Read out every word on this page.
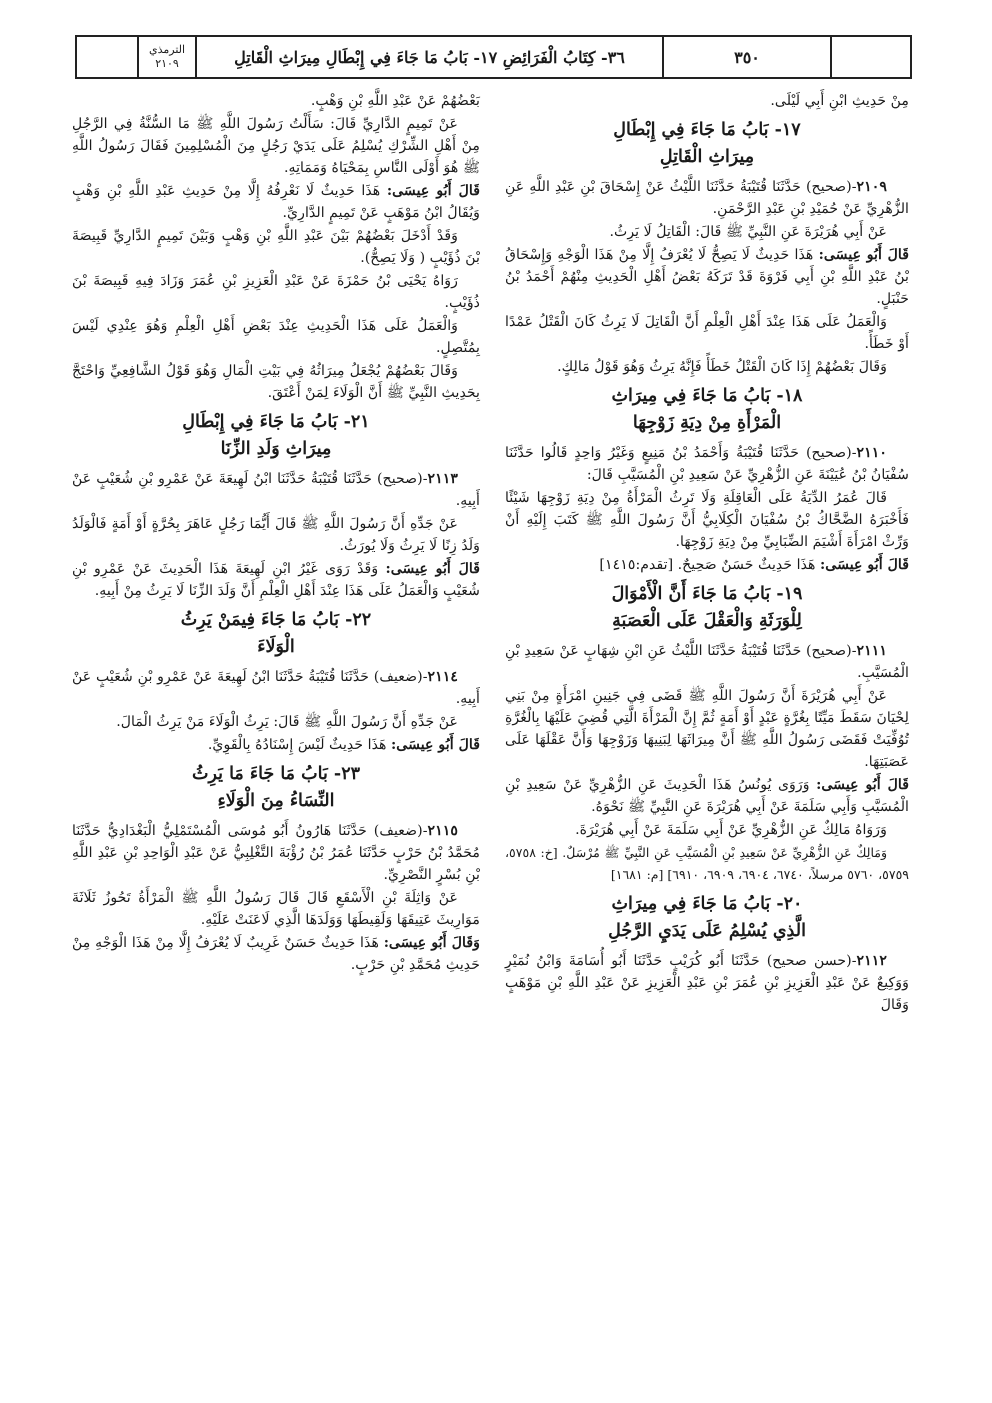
٣٥٠
٣٦- كِتَابُ الْفَرَائِضِ ١٧- بَابُ مَا جَاءَ فِي إِبْطَالِ مِيرَاثِ الْقَاتِلِ
الترمذي
٢١٠٩

مِنْ حَدِيثِ ابْنِ أَبِي لَيْلَى.

١٧- بَابُ مَا جَاءَ فِي إِبْطَالِ
مِيرَاثِ الْقَاتِلِ

٢١٠٩-(صحيح) حَدَّثَنَا قُتَيْبَةُ حَدَّثَنَا اللَّيْثُ عَنْ إِسْحَاقَ بْنِ عَبْدِ اللَّهِ عَنِ الزُّهْرِيِّ عَنْ حُمَيْدِ بْنِ عَبْدِ الرَّحْمَنِ.

عَنْ أَبِي هُرَيْرَةَ عَنِ النَّبِيِّ ﷺ قَالَ: الْقَاتِلُ لَا يَرِثُ.

قَالَ أَبُو عِيسَى: هَذَا حَدِيثٌ لَا يَصِحُّ لَا يُعْرَفُ إِلَّا مِنْ هَذَا الْوَجْهِ وَإِسْحَاقُ بْنُ عَبْدِ اللَّهِ بْنِ أَبِي فَرْوَةَ قَدْ تَرَكَهُ بَعْضُ أَهْلِ الْحَدِيثِ مِنْهُمْ أَحْمَدُ بْنُ حَنْبَلٍ.

وَالْعَمَلُ عَلَى هَذَا عِنْدَ أَهْلِ الْعِلْمِ أَنَّ الْقَاتِلَ لَا يَرِثُ كَانَ الْقَتْلُ عَمْدًا أَوْ خَطَأً.

وَقَالَ بَعْضُهُمْ إِذَا كَانَ الْقَتْلُ خَطَأً فَإِنَّهُ يَرِثُ وَهُوَ قَوْلُ مَالِكٍ.

١٨- بَابُ مَا جَاءَ فِي مِيرَاثِ
الْمَرْأَةِ مِنْ دِيَةِ زَوْجِهَا

٢١١٠-(صحيح) حَدَّثَنَا قُتَيْبَةُ وَأَحْمَدُ بْنُ مَنِيعٍ وَغَيْرُ وَاحِدٍ قَالُوا حَدَّثَنَا سُفْيَانُ بْنُ عُيَيْنَةَ عَنِ الزُّهْرِيِّ عَنْ سَعِيدِ بْنِ الْمُسَيَّبِ قَالَ:

قَالَ عُمَرُ الدِّيَةُ عَلَى الْعَاقِلَةِ وَلَا تَرِثُ الْمَرْأَةُ مِنْ دِيَةِ زَوْجِهَا شَيْئًا فَأَخْبَرَهُ الضَّحَّاكُ بْنُ سُفْيَانَ الْكِلَابِيُّ أَنَّ رَسُولَ اللَّهِ ﷺ كَتَبَ إِلَيْهِ أَنْ وَرِّثْ امْرَأَةَ أَشْيَمَ الضِّبَابِيِّ مِنْ دِيَةِ زَوْجِهَا.

قَالَ أَبُو عِيسَى: هَذَا حَدِيثٌ حَسَنٌ صَحِيحٌ. [تقدم:١٤١٥]

١٩- بَابُ مَا جَاءَ أَنَّ الْأَمْوَالَ
لِلْوَرَثَةِ وَالْعَقْلَ عَلَى الْعَصَبَةِ

٢١١١-(صحيح) حَدَّثَنَا قُتَيْبَةُ حَدَّثَنَا اللَّيْثُ عَنِ ابْنِ شِهَابٍ عَنْ سَعِيدِ بْنِ الْمُسَيَّبِ.

عَنْ أَبِي هُرَيْرَةَ أَنَّ رَسُولَ اللَّهِ ﷺ قَضَى فِي جَنِينِ امْرَأَةٍ مِنْ بَنِي لِحْيَانَ سَقَطَ مَيِّتًا بِغُرَّةٍ عَبْدٍ أَوْ أَمَةٍ ثُمَّ إِنَّ الْمَرْأَةَ الَّتِي قُضِيَ عَلَيْهَا بِالْغُرَّةِ تُوُفِّيَتْ فَقَضَى رَسُولُ اللَّهِ ﷺ أَنَّ مِيرَاثَهَا لِبَنِيهَا وَزَوْجِهَا وَأَنَّ عَقْلَهَا عَلَى عَصَبَتِهَا.

قَالَ أَبُو عِيسَى: وَرَوَى يُونُسُ هَذَا الْحَدِيثَ عَنِ الزُّهْرِيِّ عَنْ سَعِيدِ بْنِ الْمُسَيَّبِ وَأَبِي سَلَمَةَ عَنْ أَبِي هُرَيْرَةَ عَنِ النَّبِيِّ ﷺ نَحْوَهُ.

وَرَوَاهُ مَالِكٌ عَنِ الزُّهْرِيِّ عَنْ أَبِي سَلَمَةَ عَنْ أَبِي هُرَيْرَةَ.

وَمَالِكٌ عَنِ الزُّهْرِيِّ عَنْ سَعِيدِ بْنِ الْمُسَيَّبِ عَنِ النَّبِيِّ ﷺ مُرْسَلٌ. [خ: ٥٧٥٨، ٥٧٥٩، ٥٧٦٠ مرسلاً، ٦٧٤٠، ٦٩٠٤، ٦٩٠٩، ٦٩١٠] [م: ١٦٨١]

٢٠- بَابُ مَا جَاءَ فِي مِيرَاثِ
الَّذِي يُسْلِمُ عَلَى يَدَيِ الرَّجُلِ

٢١١٢-(حسن صحيح) حَدَّثَنَا أَبُو كُرَيْبٍ حَدَّثَنَا أَبُو أُسَامَةَ وَابْنُ نُمَيْرٍ وَوَكِيعٌ عَنْ عَبْدِ الْعَزِيزِ بْنِ عُمَرَ بْنِ عَبْدِ الْعَزِيزِ عَنْ عَبْدِ اللَّهِ بْنِ مَوْهَبٍ وَقَالَ

بَعْضُهُمْ عَنْ عَبْدِ اللَّهِ بْنِ وَهْبٍ.

عَنْ تَمِيمٍ الدَّارِيِّ قَالَ: سَأَلْتُ رَسُولَ اللَّهِ ﷺ مَا السُّنَّةُ فِي الرَّجُلِ مِنْ أَهْلِ الشِّرْكِ يُسْلِمُ عَلَى يَدَيْ رَجُلٍ مِنَ الْمُسْلِمِينَ فَقَالَ رَسُولُ اللَّهِ ﷺ هُوَ أَوْلَى النَّاسِ بِمَحْيَاهُ وَمَمَاتِهِ.

قَالَ أَبُو عِيسَى: هَذَا حَدِيثٌ لَا نَعْرِفُهُ إِلَّا مِنْ حَدِيثِ عَبْدِ اللَّهِ بْنِ وَهْبٍ وَيُقَالُ ابْنُ مَوْهَبٍ عَنْ تَمِيمٍ الدَّارِيِّ.

وَقَدْ أَدْخَلَ بَعْضُهُمْ بَيْنَ عَبْدِ اللَّهِ بْنِ وَهْبٍ وَبَيْنَ تَمِيمٍ الدَّارِيِّ قَبِيصَةَ بْنَ ذُؤَيْبٍ ( وَلَا يَصِحُّ).

رَوَاهُ يَحْيَى بْنُ حَمْزَةَ عَنْ عَبْدِ الْعَزِيزِ بْنِ عُمَرَ وَزَادَ فِيهِ قَبِيصَةَ بْنَ ذُؤَيْبٍ.

وَالْعَمَلُ عَلَى هَذَا الْحَدِيثِ عِنْدَ بَعْضِ أَهْلِ الْعِلْمِ وَهُوَ عِنْدِي لَيْسَ بِمُتَّصِلٍ.

وَقَالَ بَعْضُهُمْ يُجْعَلُ مِيرَاثُهُ فِي بَيْتِ الْمَالِ وَهُوَ قَوْلُ الشَّافِعِيِّ وَاحْتَجَّ بِحَدِيثِ النَّبِيِّ ﷺ أَنَّ الْوَلَاءَ لِمَنْ أَعْتَقَ.

٢١- بَابُ مَا جَاءَ فِي إِبْطَالِ
مِيرَاثِ وَلَدِ الزِّنَا

٢١١٣-(صحيح) حَدَّثَنَا قُتَيْبَةُ حَدَّثَنَا ابْنُ لَهِيعَةَ عَنْ عَمْرِو بْنِ شُعَيْبٍ عَنْ أَبِيهِ.

عَنْ جَدِّهِ أَنَّ رَسُولَ اللَّهِ ﷺ قَالَ أَيُّمَا رَجُلٍ عَاهَرَ بِحُرَّةٍ أَوْ أَمَةٍ فَالْوَلَدُ وَلَدُ زِنًا لَا يَرِثُ وَلَا يُورَثُ.

قَالَ أَبُو عِيسَى: وَقَدْ رَوَى غَيْرُ ابْنِ لَهِيعَةَ هَذَا الْحَدِيثَ عَنْ عَمْرِو بْنِ شُعَيْبٍ وَالْعَمَلُ عَلَى هَذَا عِنْدَ أَهْلِ الْعِلْمِ أَنَّ وَلَدَ الزِّنَا لَا يَرِثُ مِنْ أَبِيهِ.

٢٢- بَابُ مَا جَاءَ فِيمَنْ يَرِثُ
الْوَلَاءَ

٢١١٤-(ضعيف) حَدَّثَنَا قُتَيْبَةُ حَدَّثَنَا ابْنُ لَهِيعَةَ عَنْ عَمْرِو بْنِ شُعَيْبٍ عَنْ أَبِيهِ.

عَنْ جَدِّهِ أَنَّ رَسُولَ اللَّهِ ﷺ قَالَ: يَرِثُ الْوَلَاءَ مَنْ يَرِثُ الْمَالَ.

قَالَ أَبُو عِيسَى: هَذَا حَدِيثٌ لَيْسَ إِسْنَادُهُ بِالْقَوِيِّ.

٢٣- بَابُ مَا جَاءَ مَا يَرِثُ
النِّسَاءُ مِنَ الْوَلَاءِ

٢١١٥-(ضعيف) حَدَّثَنَا هَارُونُ أَبُو مُوسَى الْمُسْتَمْلِيُّ الْبَغْدَادِيُّ حَدَّثَنَا مُحَمَّدُ بْنُ حَرْبٍ حَدَّثَنَا عُمَرُ بْنُ رُؤْبَةَ التَّغْلِبِيُّ عَنْ عَبْدِ الْوَاحِدِ بْنِ عَبْدِ اللَّهِ بْنِ بُسْرٍ النَّصْرِيِّ.

عَنْ وَاثِلَةَ بْنِ الْأَسْقَعِ قَالَ قَالَ رَسُولُ اللَّهِ ﷺ الْمَرْأَةُ تَحُوزُ ثَلَاثَةَ مَوَارِيثَ عَتِيقَهَا وَلَقِيطَهَا وَوَلَدَهَا الَّذِي لَاعَنَتْ عَلَيْهِ.

وَقَالَ أَبُو عِيسَى: هَذَا حَدِيثٌ حَسَنٌ غَرِيبٌ لَا يُعْرَفُ إِلَّا مِنْ هَذَا الْوَجْهِ مِنْ حَدِيثِ مُحَمَّدِ بْنِ حَرْبٍ.
